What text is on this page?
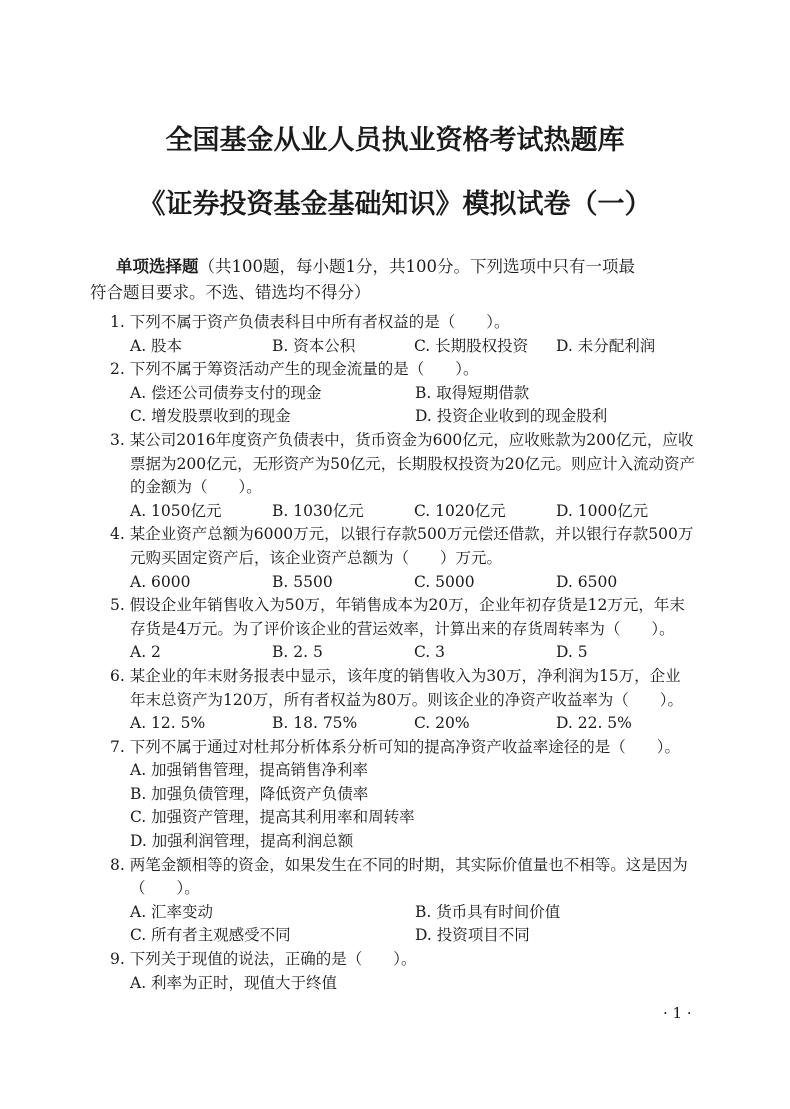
全国基金从业人员执业资格考试热题库
《证券投资基金基础知识》模拟试卷（一）
单项选择题（共100题，每小题1分，共100分。下列选项中只有一项最
符合题目要求。不选、错选均不得分）
1. 下列不属于资产负债表科目中所有者权益的是（　　）。
A. 股本	B. 资本公积	C. 长期股权投资	D. 未分配利润
2. 下列不属于筹资活动产生的现金流量的是（　　）。
A. 偿还公司债券支付的现金	B. 取得短期借款
C. 增发股票收到的现金	D. 投资企业收到的现金股利
3. 某公司2016年度资产负债表中，货币资金为600亿元，应收账款为200亿元，应收
票据为200亿元，无形资产为50亿元，长期股权投资为20亿元。则应计入流动资产
的金额为（　　）。
A. 1050亿元	B. 1030亿元	C. 1020亿元	D. 1000亿元
4. 某企业资产总额为6000万元，以银行存款500万元偿还借款，并以银行存款500万
元购买固定资产后，该企业资产总额为（　　）万元。
A. 6000	B. 5500	C. 5000	D. 6500
5. 假设企业年销售收入为50万，年销售成本为20万，企业年初存货是12万元，年末
存货是4万元。为了评价该企业的营运效率，计算出来的存货周转率为（　　）。
A. 2	B. 2. 5	C. 3	D. 5
6. 某企业的年末财务报表中显示，该年度的销售收入为30万，净利润为15万，企业
年末总资产为120万，所有者权益为80万。则该企业的净资产收益率为（　　）。
A. 12. 5%	B. 18. 75%	C. 20%	D. 22. 5%
7. 下列不属于通过对杜邦分析体系分析可知的提高净资产收益率途径的是（　　）。
A. 加强销售管理，提高销售净利率
B. 加强负债管理，降低资产负债率
C. 加强资产管理，提高其利用率和周转率
D. 加强利润管理，提高利润总额
8. 两笔金额相等的资金，如果发生在不同的时期，其实际价值量也不相等。这是因为
（　　）。
A. 汇率变动	B. 货币具有时间价值
C. 所有者主观感受不同	D. 投资项目不同
9. 下列关于现值的说法，正确的是（　　）。
A. 利率为正时，现值大于终值
· 1 ·
